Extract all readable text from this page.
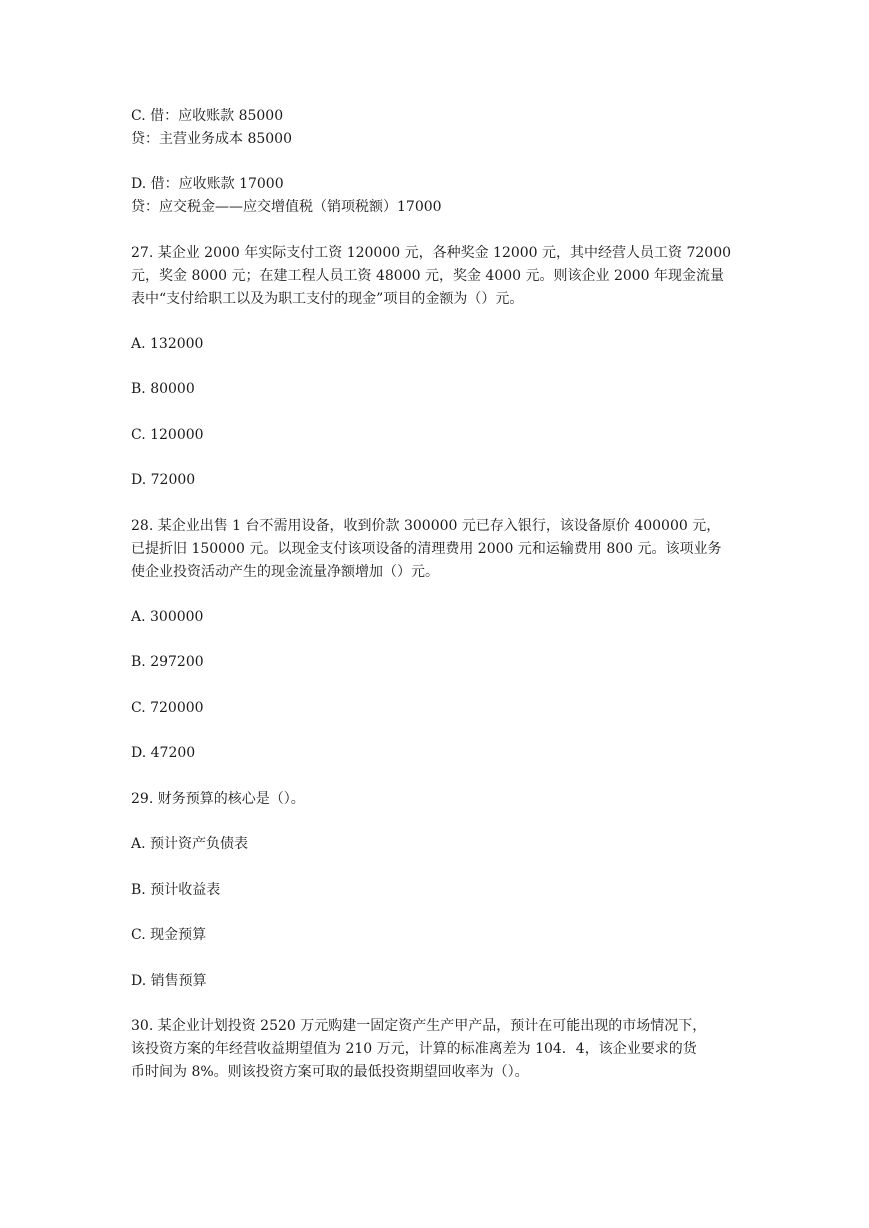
C. 借：应收账款 85000
贷：主营业务成本 85000
D. 借：应收账款 17000
贷：应交税金——应交增值税（销项税额）17000
27. 某企业 2000 年实际支付工资 120000 元，各种奖金 12000 元，其中经营人员工资 72000
元，奖金 8000 元；在建工程人员工资 48000 元，奖金 4000 元。则该企业 2000 年现金流量
表中“支付给职工以及为职工支付的现金”项目的金额为（）元。
A. 132000
B. 80000
C. 120000
D. 72000
28. 某企业出售 1 台不需用设备，收到价款 300000 元已存入银行，该设备原价 400000 元，
已提折旧 150000 元。以现金支付该项设备的清理费用 2000 元和运输费用 800 元。该项业务
使企业投资活动产生的现金流量净额增加（）元。
A. 300000
B. 297200
C. 720000
D. 47200
29. 财务预算的核心是（）。
A. 预计资产负债表
B. 预计收益表
C. 现金预算
D. 销售预算
30. 某企业计划投资 2520 万元购建一固定资产生产甲产品，预计在可能出现的市场情况下，
该投资方案的年经营收益期望值为 210 万元，计算的标准离差为 104．4，该企业要求的货
币时间为 8%。则该投资方案可取的最低投资期望回收率为（）。
